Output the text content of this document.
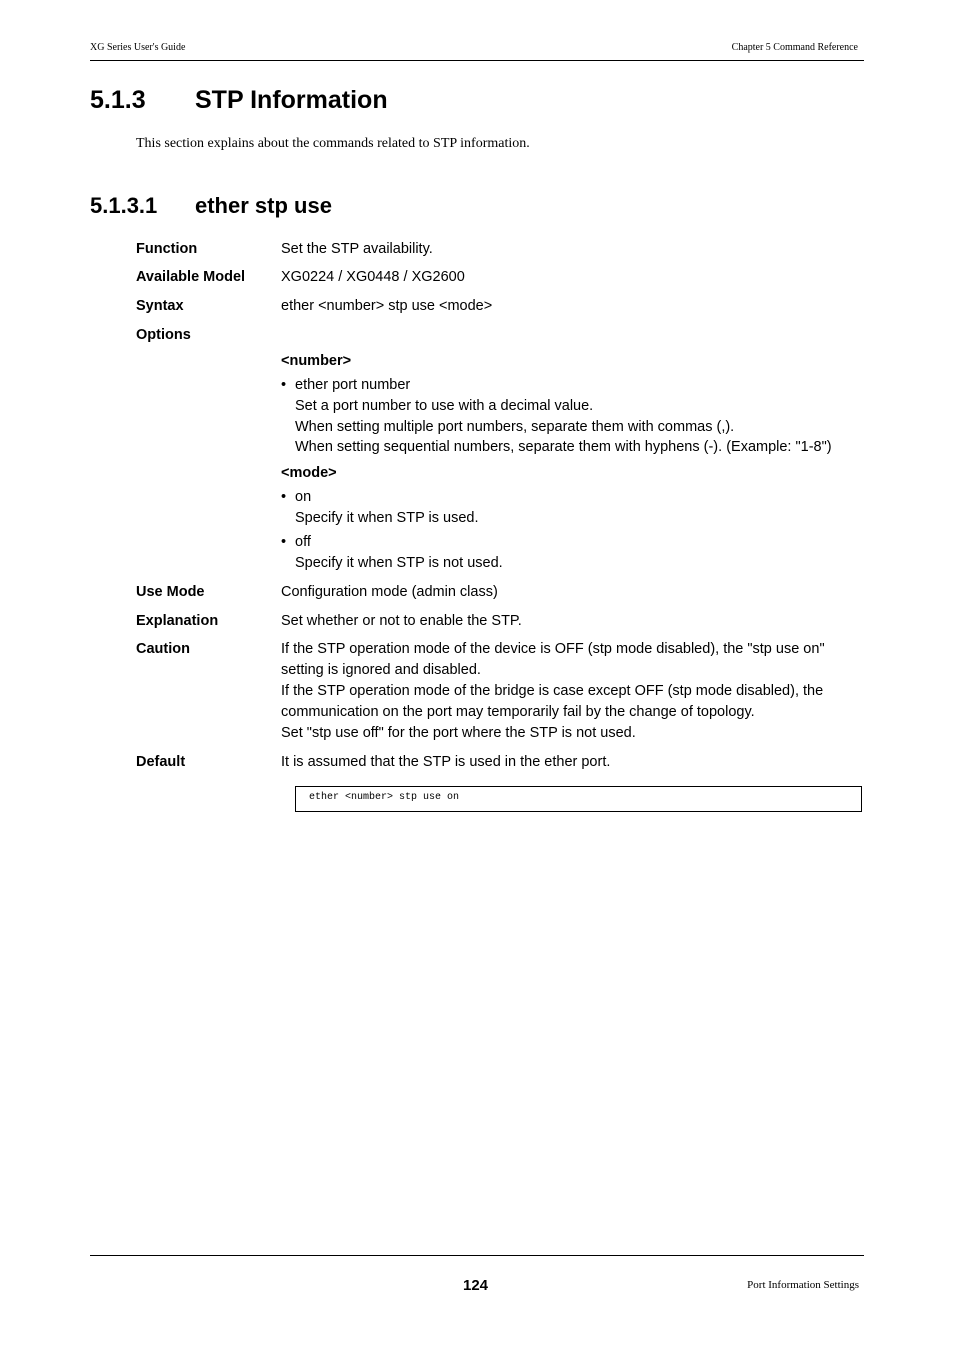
XG Series User's Guide	Chapter 5 Command Reference
5.1.3 STP Information
This section explains about the commands related to STP information.
5.1.3.1 ether stp use
Function	Set the STP availability.
Available Model XG0224 / XG0448 / XG2600
Syntax	ether <number> stp use <mode>
Options
<number>
• ether port number
Set a port number to use with a decimal value.
When setting multiple port numbers, separate them with commas (,).
When setting sequential numbers, separate them with hyphens (-). (Example: "1-8")
<mode>
• on
Specify it when STP is used.
• off
Specify it when STP is not used.
Use Mode	Configuration mode (admin class)
Explanation	Set whether or not to enable the STP.
Caution	If the STP operation mode of the device is OFF (stp mode disabled), the "stp use on"
setting is ignored and disabled.
If the STP operation mode of the bridge is case except OFF (stp mode disabled), the
communication on the port may temporarily fail by the change of topology.
Set "stp use off" for the port where the STP is not used.
Default	It is assumed that the STP is used in the ether port.
ether <number> stp use on
124	Port Information Settings
